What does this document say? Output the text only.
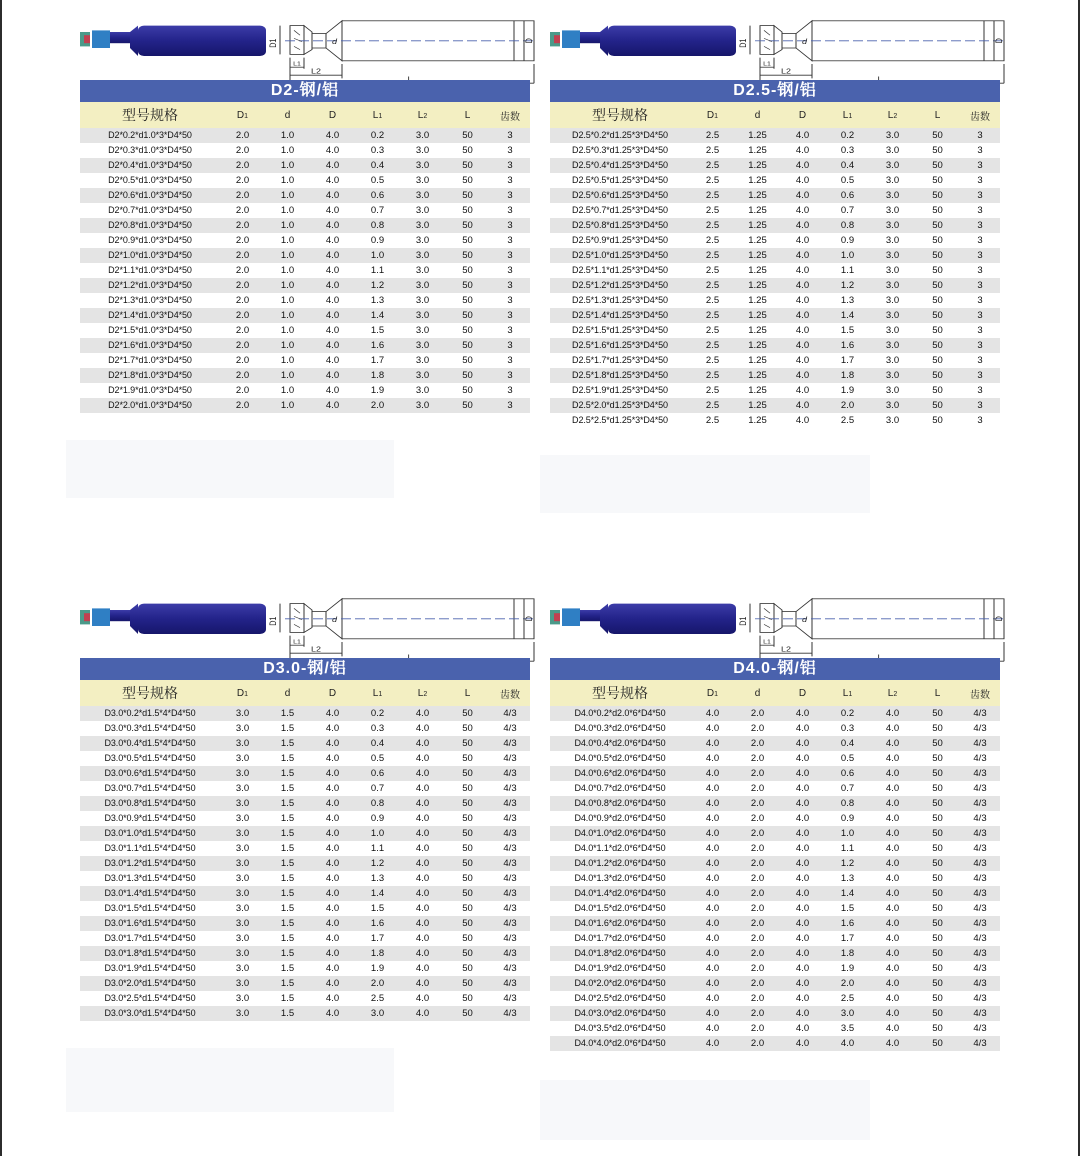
D1	d	D
L1
L2
D2-钢/铝
型号规格	D1	d	D	L1	L2	L	齿数
D2*0.2*d1.0*3*D4*50	2.0	1.0	4.0	0.2	3.0	50	3
D2*0.3*d1.0*3*D4*50	2.0	1.0	4.0	0.3	3.0	50	3
D2*0.4*d1.0*3*D4*50	2.0	1.0	4.0	0.4	3.0	50	3
D2*0.5*d1.0*3*D4*50	2.0	1.0	4.0	0.5	3.0	50	3
D2*0.6*d1.0*3*D4*50	2.0	1.0	4.0	0.6	3.0	50	3
D2*0.7*d1.0*3*D4*50	2.0	1.0	4.0	0.7	3.0	50	3
D2*0.8*d1.0*3*D4*50	2.0	1.0	4.0	0.8	3.0	50	3
D2*0.9*d1.0*3*D4*50	2.0	1.0	4.0	0.9	3.0	50	3
D2*1.0*d1.0*3*D4*50	2.0	1.0	4.0	1.0	3.0	50	3
D2*1.1*d1.0*3*D4*50	2.0	1.0	4.0	1.1	3.0	50	3
D2*1.2*d1.0*3*D4*50	2.0	1.0	4.0	1.2	3.0	50	3
D2*1.3*d1.0*3*D4*50	2.0	1.0	4.0	1.3	3.0	50	3
D2*1.4*d1.0*3*D4*50	2.0	1.0	4.0	1.4	3.0	50	3
D2*1.5*d1.0*3*D4*50	2.0	1.0	4.0	1.5	3.0	50	3
D2*1.6*d1.0*3*D4*50	2.0	1.0	4.0	1.6	3.0	50	3
D2*1.7*d1.0*3*D4*50	2.0	1.0	4.0	1.7	3.0	50	3
D2*1.8*d1.0*3*D4*50	2.0	1.0	4.0	1.8	3.0	50	3
D2*1.9*d1.0*3*D4*50	2.0	1.0	4.0	1.9	3.0	50	3
D2*2.0*d1.0*3*D4*50	2.0	1.0	4.0	2.0	3.0	50	3
D1	d	D
L1
L2
D2.5-钢/铝
型号规格	D1	d	D	L1	L2	L	齿数
D2.5*0.2*d1.25*3*D4*50	2.5	1.25	4.0	0.2	3.0	50	3
D2.5*0.3*d1.25*3*D4*50	2.5	1.25	4.0	0.3	3.0	50	3
D2.5*0.4*d1.25*3*D4*50	2.5	1.25	4.0	0.4	3.0	50	3
D2.5*0.5*d1.25*3*D4*50	2.5	1.25	4.0	0.5	3.0	50	3
D2.5*0.6*d1.25*3*D4*50	2.5	1.25	4.0	0.6	3.0	50	3
D2.5*0.7*d1.25*3*D4*50	2.5	1.25	4.0	0.7	3.0	50	3
D2.5*0.8*d1.25*3*D4*50	2.5	1.25	4.0	0.8	3.0	50	3
D2.5*0.9*d1.25*3*D4*50	2.5	1.25	4.0	0.9	3.0	50	3
D2.5*1.0*d1.25*3*D4*50	2.5	1.25	4.0	1.0	3.0	50	3
D2.5*1.1*d1.25*3*D4*50	2.5	1.25	4.0	1.1	3.0	50	3
D2.5*1.2*d1.25*3*D4*50	2.5	1.25	4.0	1.2	3.0	50	3
D2.5*1.3*d1.25*3*D4*50	2.5	1.25	4.0	1.3	3.0	50	3
D2.5*1.4*d1.25*3*D4*50	2.5	1.25	4.0	1.4	3.0	50	3
D2.5*1.5*d1.25*3*D4*50	2.5	1.25	4.0	1.5	3.0	50	3
D2.5*1.6*d1.25*3*D4*50	2.5	1.25	4.0	1.6	3.0	50	3
D2.5*1.7*d1.25*3*D4*50	2.5	1.25	4.0	1.7	3.0	50	3
D2.5*1.8*d1.25*3*D4*50	2.5	1.25	4.0	1.8	3.0	50	3
D2.5*1.9*d1.25*3*D4*50	2.5	1.25	4.0	1.9	3.0	50	3
D2.5*2.0*d1.25*3*D4*50	2.5	1.25	4.0	2.0	3.0	50	3
D2.5*2.5*d1.25*3*D4*50	2.5	1.25	4.0	2.5	3.0	50	3
D1	d	D
L1
L2
D3.0-钢/铝
型号规格	D1	d	D	L1	L2	L	齿数
D3.0*0.2*d1.5*4*D4*50	3.0	1.5	4.0	0.2	4.0	50	4/3
D3.0*0.3*d1.5*4*D4*50	3.0	1.5	4.0	0.3	4.0	50	4/3
D3.0*0.4*d1.5*4*D4*50	3.0	1.5	4.0	0.4	4.0	50	4/3
D3.0*0.5*d1.5*4*D4*50	3.0	1.5	4.0	0.5	4.0	50	4/3
D3.0*0.6*d1.5*4*D4*50	3.0	1.5	4.0	0.6	4.0	50	4/3
D3.0*0.7*d1.5*4*D4*50	3.0	1.5	4.0	0.7	4.0	50	4/3
D3.0*0.8*d1.5*4*D4*50	3.0	1.5	4.0	0.8	4.0	50	4/3
D3.0*0.9*d1.5*4*D4*50	3.0	1.5	4.0	0.9	4.0	50	4/3
D3.0*1.0*d1.5*4*D4*50	3.0	1.5	4.0	1.0	4.0	50	4/3
D3.0*1.1*d1.5*4*D4*50	3.0	1.5	4.0	1.1	4.0	50	4/3
D3.0*1.2*d1.5*4*D4*50	3.0	1.5	4.0	1.2	4.0	50	4/3
D3.0*1.3*d1.5*4*D4*50	3.0	1.5	4.0	1.3	4.0	50	4/3
D3.0*1.4*d1.5*4*D4*50	3.0	1.5	4.0	1.4	4.0	50	4/3
D3.0*1.5*d1.5*4*D4*50	3.0	1.5	4.0	1.5	4.0	50	4/3
D3.0*1.6*d1.5*4*D4*50	3.0	1.5	4.0	1.6	4.0	50	4/3
D3.0*1.7*d1.5*4*D4*50	3.0	1.5	4.0	1.7	4.0	50	4/3
D3.0*1.8*d1.5*4*D4*50	3.0	1.5	4.0	1.8	4.0	50	4/3
D3.0*1.9*d1.5*4*D4*50	3.0	1.5	4.0	1.9	4.0	50	4/3
D3.0*2.0*d1.5*4*D4*50	3.0	1.5	4.0	2.0	4.0	50	4/3
D3.0*2.5*d1.5*4*D4*50	3.0	1.5	4.0	2.5	4.0	50	4/3
D3.0*3.0*d1.5*4*D4*50	3.0	1.5	4.0	3.0	4.0	50	4/3
D1	d	D
L1
L2
D4.0-钢/铝
型号规格	D1	d	D	L1	L2	L	齿数
D4.0*0.2*d2.0*6*D4*50	4.0	2.0	4.0	0.2	4.0	50	4/3
D4.0*0.3*d2.0*6*D4*50	4.0	2.0	4.0	0.3	4.0	50	4/3
D4.0*0.4*d2.0*6*D4*50	4.0	2.0	4.0	0.4	4.0	50	4/3
D4.0*0.5*d2.0*6*D4*50	4.0	2.0	4.0	0.5	4.0	50	4/3
D4.0*0.6*d2.0*6*D4*50	4.0	2.0	4.0	0.6	4.0	50	4/3
D4.0*0.7*d2.0*6*D4*50	4.0	2.0	4.0	0.7	4.0	50	4/3
D4.0*0.8*d2.0*6*D4*50	4.0	2.0	4.0	0.8	4.0	50	4/3
D4.0*0.9*d2.0*6*D4*50	4.0	2.0	4.0	0.9	4.0	50	4/3
D4.0*1.0*d2.0*6*D4*50	4.0	2.0	4.0	1.0	4.0	50	4/3
D4.0*1.1*d2.0*6*D4*50	4.0	2.0	4.0	1.1	4.0	50	4/3
D4.0*1.2*d2.0*6*D4*50	4.0	2.0	4.0	1.2	4.0	50	4/3
D4.0*1.3*d2.0*6*D4*50	4.0	2.0	4.0	1.3	4.0	50	4/3
D4.0*1.4*d2.0*6*D4*50	4.0	2.0	4.0	1.4	4.0	50	4/3
D4.0*1.5*d2.0*6*D4*50	4.0	2.0	4.0	1.5	4.0	50	4/3
D4.0*1.6*d2.0*6*D4*50	4.0	2.0	4.0	1.6	4.0	50	4/3
D4.0*1.7*d2.0*6*D4*50	4.0	2.0	4.0	1.7	4.0	50	4/3
D4.0*1.8*d2.0*6*D4*50	4.0	2.0	4.0	1.8	4.0	50	4/3
D4.0*1.9*d2.0*6*D4*50	4.0	2.0	4.0	1.9	4.0	50	4/3
D4.0*2.0*d2.0*6*D4*50	4.0	2.0	4.0	2.0	4.0	50	4/3
D4.0*2.5*d2.0*6*D4*50	4.0	2.0	4.0	2.5	4.0	50	4/3
D4.0*3.0*d2.0*6*D4*50	4.0	2.0	4.0	3.0	4.0	50	4/3
D4.0*3.5*d2.0*6*D4*50	4.0	2.0	4.0	3.5	4.0	50	4/3
D4.0*4.0*d2.0*6*D4*50	4.0	2.0	4.0	4.0	4.0	50	4/3
